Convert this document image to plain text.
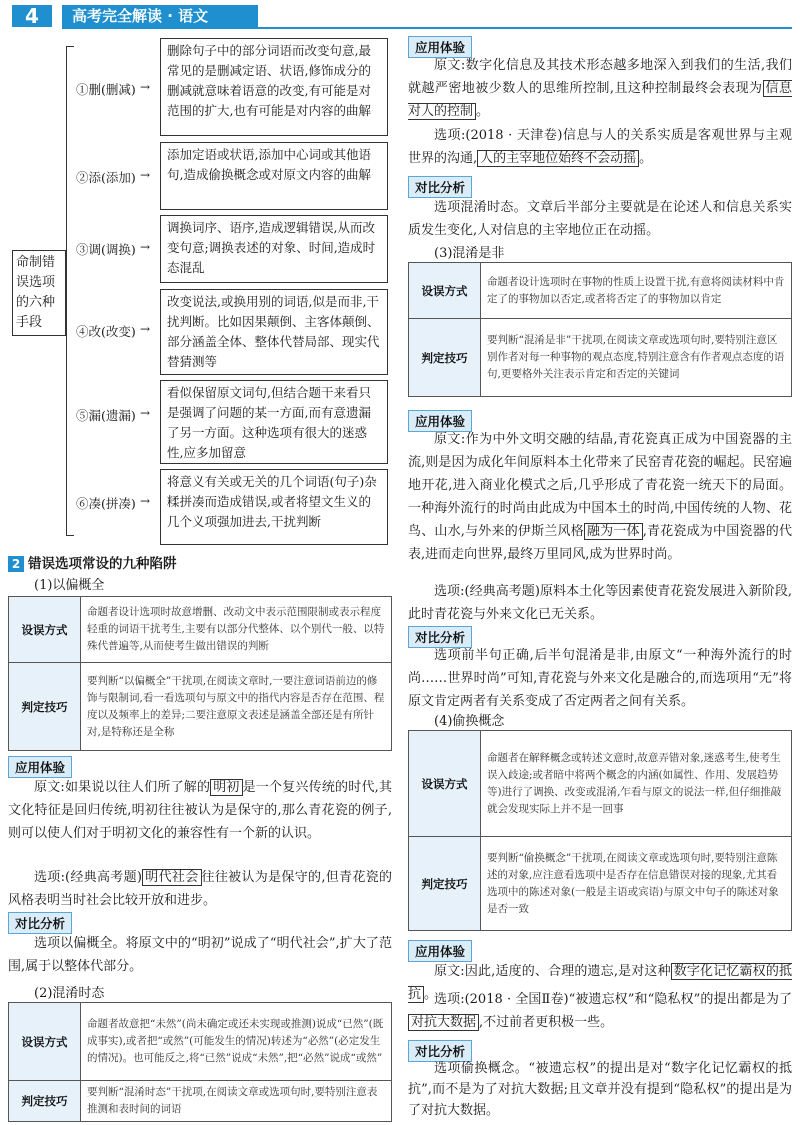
4	高考完全解读 · 语文
命制错误选项的六种手段
①删(删减) →
删除句子中的部分词语而改变句意,最常见的是删减定语、状语,修饰成分的删减就意味着语意的改变,有可能是对范围的扩大,也有可能是对内容的曲解
②添(添加) →
添加定语或状语,添加中心词或其他语句,造成偷换概念或对原文内容的曲解
③调(调换) →
调换词序、语序,造成逻辑错误,从而改变句意;调换表述的对象、时间,造成时态混乱
④改(改变) →
改变说法,或换用别的词语,似是而非,干扰判断。比如因果颠倒、主客体颠倒、部分涵盖全体、整体代替局部、现实代替猜测等
⑤漏(遗漏) →
看似保留原文词句,但结合题干来看只是强调了问题的某一方面,而有意遗漏了另一方面。这种选项有很大的迷惑性,应多加留意
⑥凑(拼凑) →
将意义有关或无关的几个词语(句子)杂糅拼凑而造成错误,或者将望文生义的几个义项强加进去,干扰判断
2 错误选项常设的九种陷阱
(1)以偏概全
设误方式	命题者设计选项时故意增删、改动文中表示范围限制或表示程度轻重的词语干扰考生,主要有以部分代整体、以个别代一般、以特殊代普遍等,从而使考生做出错误的判断
判定技巧	要判断“以偏概全”干扰项,在阅读文章时,一要注意词语前边的修饰与限制词,看一看选项句与原文中的指代内容是否存在范围、程度以及频率上的差异;二要注意原文表述是涵盖全部还是有所针对,是特称还是全称
应用体验
原文:如果说以往人们所了解的 明初 是一个复兴传统的时代,其文化特征是回归传统,明初往往被认为是保守的,那么青花瓷的例子,则可以使人们对于明初文化的兼容性有一个新的认识。
选项:(经典高考题) 明代社会 往往被认为是保守的,但青花瓷的风格表明当时社会比较开放和进步。
对比分析
选项以偏概全。将原文中的“明初”说成了“明代社会”,扩大了范围,属于以整体代部分。
(2)混淆时态
设误方式	命题者故意把“未然”(尚未确定或还未实现或推测)说成“已然”(既成事实),或者把“或然”(可能发生的情况)转述为“必然”(必定发生的情况)。也可能反之,将“已然”说成“未然”,把“必然”说成“或然”
判定技巧	要判断“混淆时态”干扰项,在阅读文章或选项句时,要特别注意表推测和表时间的词语
应用体验
原文:数字化信息及其技术形态越多地深入到我们的生活,我们就越严密地被少数人的思维所控制,且这种控制最终会表现为 信息对人的控制 。
选项:(2018 · 天津卷)信息与人的关系实质是客观世界与主观世界的沟通, 人的主宰地位始终不会动摇 。
对比分析
选项混淆时态。文章后半部分主要就是在论述人和信息关系实质发生变化,人对信息的主宰地位正在动摇。
(3)混淆是非
设误方式	命题者设计选项时在事物的性质上设置干扰,有意将阅读材料中肯定了的事物加以否定,或者将否定了的事物加以肯定
判定技巧	要判断“混淆是非”干扰项,在阅读文章或选项句时,要特别注意区别作者对每一种事物的观点态度,特别注意含有作者观点态度的语句,更要格外关注表示肯定和否定的关键词
应用体验
原文:作为中外文明交融的结晶,青花瓷真正成为中国瓷器的主流,则是因为成化年间原料本土化带来了民窑青花瓷的崛起。民窑遍地开花,进入商业化模式之后,几乎形成了青花瓷一统天下的局面。一种海外流行的时尚由此成为中国本土的时尚,中国传统的人物、花鸟、山水,与外来的伊斯兰风格 融为一体 ,青花瓷成为中国瓷器的代表,进而走向世界,最终万里同风,成为世界时尚。
选项:(经典高考题)原料本土化等因素使青花瓷发展进入新阶段,此时青花瓷与外来文化已无关系。
对比分析
选项前半句正确,后半句混淆是非,由原文“一种海外流行的时尚……世界时尚”可知,青花瓷与外来文化是融合的,而选项用“无”将原文肯定两者有关系变成了否定两者之间有关系。
(4)偷换概念
设误方式	命题者在解释概念或转述文意时,故意弄错对象,迷惑考生,使考生误入歧途;或者暗中将两个概念的内涵(如属性、作用、发展趋势等)进行了调换、改变或混淆,乍看与原文的说法一样,但仔细推敲就会发现实际上并不是一回事
判定技巧	要判断“偷换概念”干扰项,在阅读文章或选项句时,要特别注意陈述的对象,应注意看选项中是否存在信息错误对接的现象,尤其看选项中的陈述对象(一般是主语或宾语)与原文中句子的陈述对象是否一致
应用体验
原文:因此,适度的、合理的遗忘,是对这种 数字化记忆霸权的抵抗 。
选项:(2018 · 全国Ⅱ卷)“被遗忘权”和“隐私权”的提出都是为了对抗大数据 ,不过前者更积极一些。
对比分析
选项偷换概念。“被遗忘权”的提出是对“数字化记忆霸权的抵抗”,而不是为了对抗大数据;且文章并没有提到“隐私权”的提出是为了对抗大数据。
